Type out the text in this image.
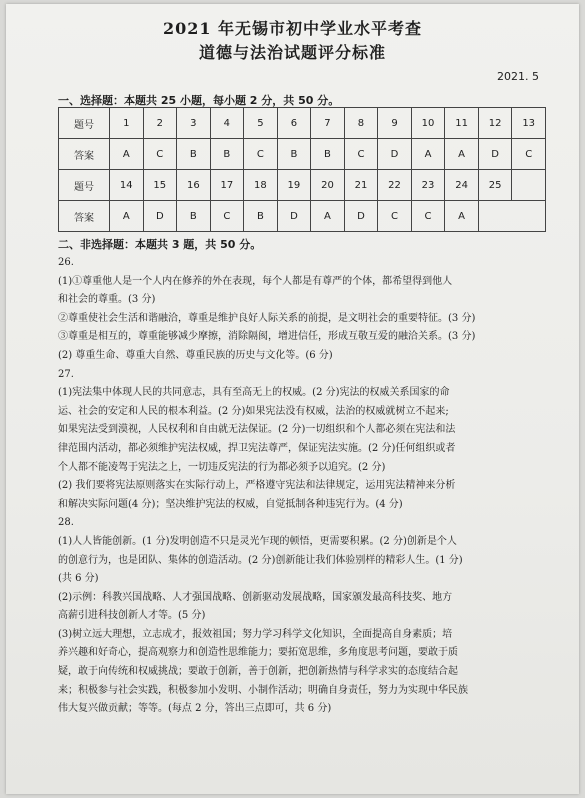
2021 年无锡市初中学业水平考查
道德与法治试题评分标准
2021. 5
一、选择题：本题共 25 小题，每小题 2 分，共 50 分。
题号	1	2	3	4	5	6	7	8	9	10	11	12	13
答案	A	C	B	B	C	B	B	C	D	A	A	D	C
题号	14	15	16	17	18	19	20	21	22	23	24	25	
答案	A	D	B	C	B	D	A	D	C	C	A		
二、非选择题：本题共 3 题，共 50 分。

26.

(1)①尊重他人是一个人内在修养的外在表现，每个人都是有尊严的个体，都希望得到他人

和社会的尊重。(3 分)

②尊重使社会生活和谐融洽，尊重是维护良好人际关系的前提，是文明社会的重要特征。(3 分)

③尊重是相互的，尊重能够减少摩擦，消除隔阂，增进信任，形成互敬互爱的融洽关系。(3 分)

(2) 尊重生命、尊重大自然、尊重民族的历史与文化等。(6 分)

27.

(1)宪法集中体现人民的共同意志，具有至高无上的权威。(2 分)宪法的权威关系国家的命

运、社会的安定和人民的根本利益。(2 分)如果宪法没有权威，法治的权威就树立不起来;

如果宪法受到漠视，人民权利和自由就无法保证。(2 分)一切组织和个人都必须在宪法和法

律范围内活动，都必须维护宪法权威，捍卫宪法尊严，保证宪法实施。(2 分)任何组织或者

个人都不能凌驾于宪法之上，一切违反宪法的行为都必须予以追究。(2 分)

(2) 我们要将宪法原则落实在实际行动上，严格遵守宪法和法律规定，运用宪法精神来分析

和解决实际问题(4 分)；坚决维护宪法的权威，自觉抵制各种违宪行为。(4 分)

28.

(1)人人皆能创新。(1 分)发明创造不只是灵光乍现的顿悟，更需要积累。(2 分)创新是个人

的创意行为，也是团队、集体的创造活动。(2 分)创新能让我们体验别样的精彩人生。(1 分)

(共 6 分)

(2)示例：科教兴国战略、人才强国战略、创新驱动发展战略，国家颁发最高科技奖、地方

高薪引进科技创新人才等。(5 分)

(3)树立远大理想，立志成才，报效祖国；努力学习科学文化知识，全面提高自身素质；培

养兴趣和好奇心，提高观察力和创造性思维能力；要拓宽思维，多角度思考问题，要敢于质

疑，敢于向传统和权威挑战；要敢于创新，善于创新，把创新热情与科学求实的态度结合起

来；积极参与社会实践，积极参加小发明、小制作活动；明确自身责任，努力为实现中华民族

伟大复兴做贡献；等等。(每点 2 分，答出三点即可，共 6 分)
